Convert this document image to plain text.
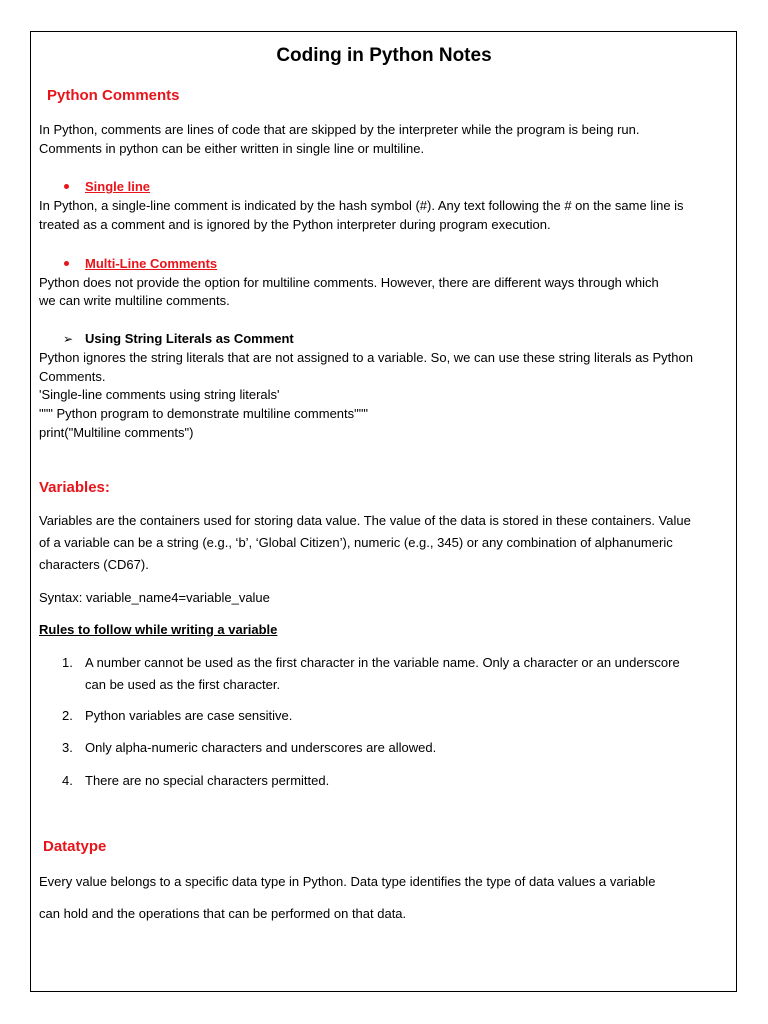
Coding in Python Notes
Python Comments
In Python, comments are lines of code that are skipped by the interpreter while the program is being run.
Comments in python can be either written in single line or multiline.
Single line
In Python, a single-line comment is indicated by the hash symbol (#). Any text following the # on the same line is
treated as a comment and is ignored by the Python interpreter during program execution.
Multi-Line Comments
Python does not provide the option for multiline comments. However, there are different ways through which
we can write multiline comments.
➢ Using String Literals as Comment
Python ignores the string literals that are not assigned to a variable. So, we can use these string literals as Python
Comments.
'Single-line comments using string literals'
""" Python program to demonstrate multiline comments"""
print("Multiline comments")
Variables:
Variables are the containers used for storing data value. The value of the data is stored in these containers. Value
of a variable can be a string (e.g., ‘b’, ‘Global Citizen’), numeric (e.g., 345) or any combination of alphanumeric
characters (CD67).
Syntax: variable_name4=variable_value
Rules to follow while writing a variable
1. A number cannot be used as the first character in the variable name. Only a character or an underscore
can be used as the first character.
2. Python variables are case sensitive.
3. Only alpha-numeric characters and underscores are allowed.
4. There are no special characters permitted.
Datatype
Every value belongs to a specific data type in Python. Data type identifies the type of data values a variable
can hold and the operations that can be performed on that data.
